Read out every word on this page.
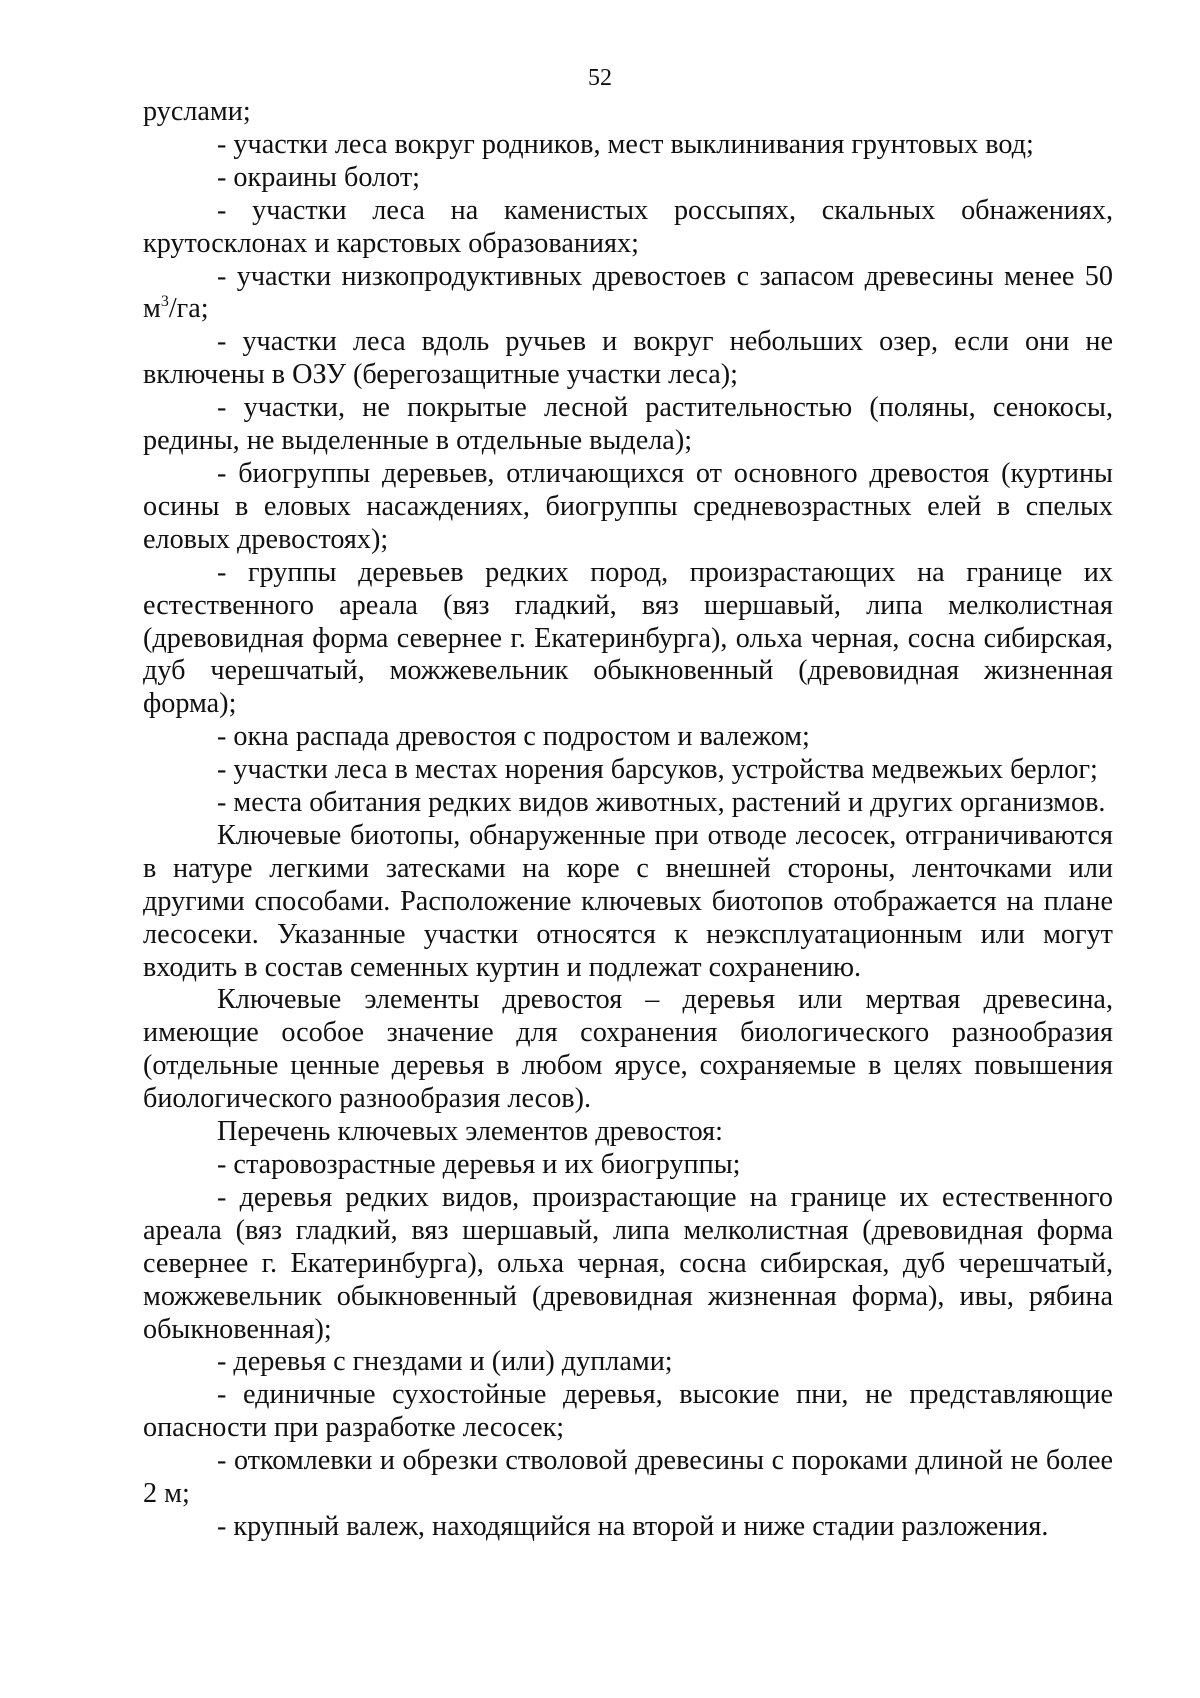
52

руслами;

- участки леса вокруг родников, мест выклинивания грунтовых вод;

- окраины болот;

- участки леса на каменистых россыпях, скальных обнажениях, крутосклонах и карстовых образованиях;

- участки низкопродуктивных древостоев с запасом древесины менее 50 $м^3/га$;

- участки леса вдоль ручьев и вокруг небольших озер, если они не включены в ОЗУ (берегозащитные участки леса);

- участки, не покрытые лесной растительностью (поляны, сенокосы, редины, не выделенные в отдельные выдела);

- биогруппы деревьев, отличающихся от основного древостоя (куртины осины в еловых насаждениях, биогруппы средневозрастных елей в спелых еловых древостоях);

- группы деревьев редких пород, произрастающих на границе их естественного ареала (вяз гладкий, вяз шершавый, липа мелколистная (древовидная форма севернее г. Екатеринбурга), ольха черная, сосна сибирская, дуб черешчатый, можжевельник обыкновенный (древовидная жизненная форма);

- окна распада древостоя с подростом и валежом;

- участки леса в местах норения барсуков, устройства медвежьих берлог;

- места обитания редких видов животных, растений и других организмов.

Ключевые биотопы, обнаруженные при отводе лесосек, отграничиваются в натуре легкими затесками на коре с внешней стороны, ленточками или другими способами. Расположение ключевых биотопов отображается на плане лесосеки. Указанные участки относятся к неэксплуатационным или могут входить в состав семенных куртин и подлежат сохранению.

Ключевые элементы древостоя – деревья или мертвая древесина, имеющие особое значение для сохранения биологического разнообразия (отдельные ценные деревья в любом ярусе, сохраняемые в целях повышения биологического разнообразия лесов).

Перечень ключевых элементов древостоя:

- старовозрастные деревья и их биогруппы;

- деревья редких видов, произрастающие на границе их естественного ареала (вяз гладкий, вяз шершавый, липа мелколистная (древовидная форма севернее г. Екатеринбурга), ольха черная, сосна сибирская, дуб черешчатый, можжевельник обыкновенный (древовидная жизненная форма), ивы, рябина обыкновенная);

- деревья с гнездами и (или) дуплами;

- единичные сухостойные деревья, высокие пни, не представляющие опасности при разработке лесосек;

- откомлевки и обрезки стволовой древесины с пороками длиной не более 2 м;

- крупный валеж, находящийся на второй и ниже стадии разложения.
